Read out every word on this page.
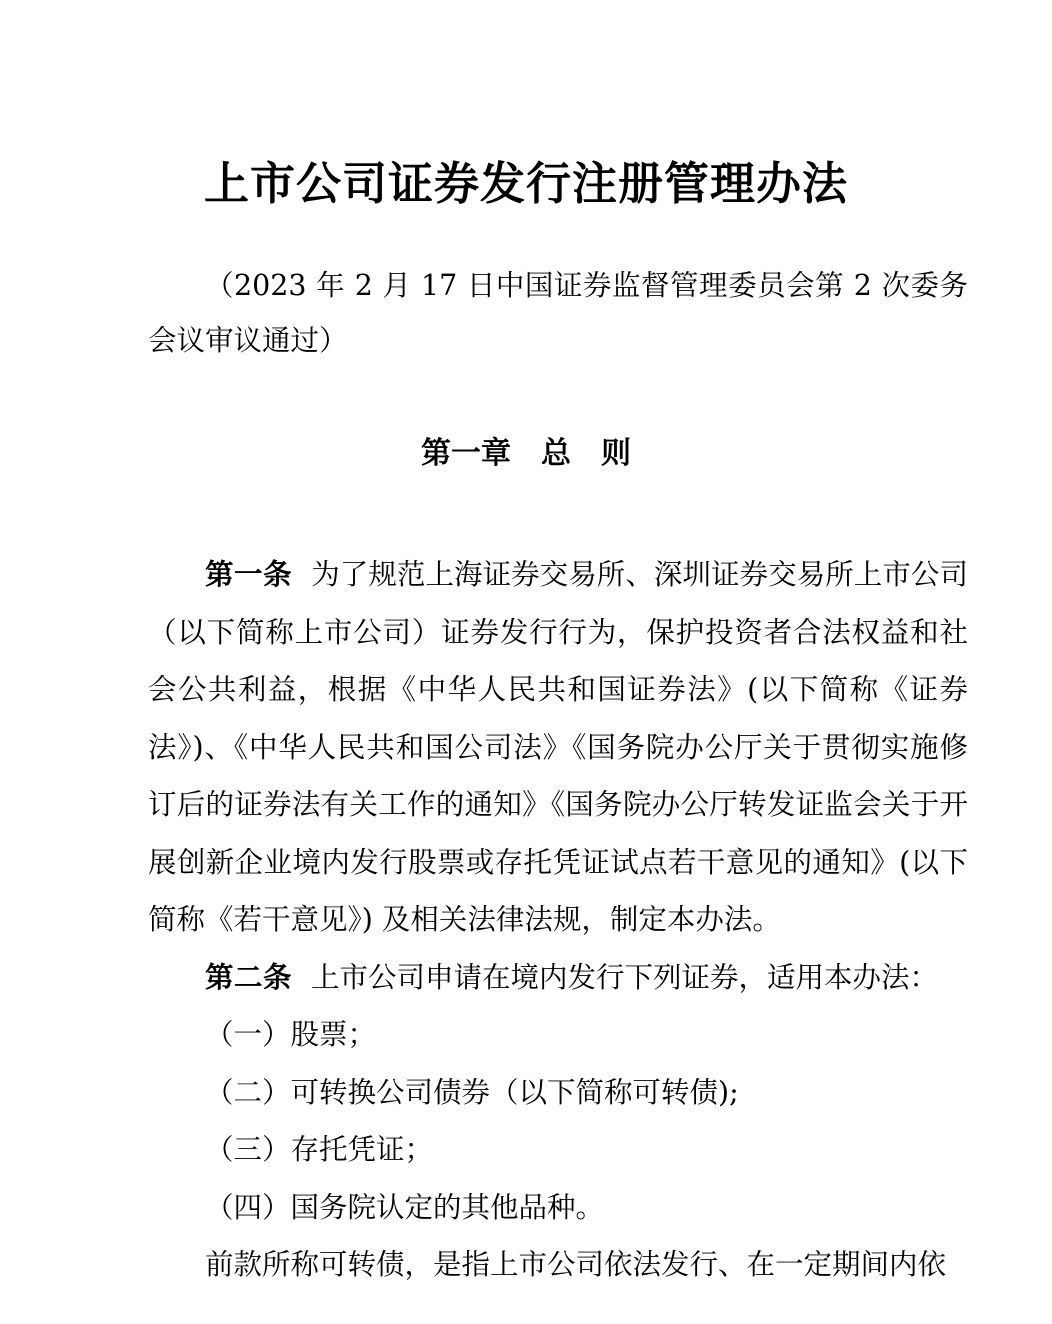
上市公司证券发行注册管理办法
（2023 年 2 月 17 日中国证券监督管理委员会第 2 次委务会议审议通过）
第一章　总　则

第一条 为了规范上海证券交易所、深圳证券交易所上市公司（以下简称上市公司）证券发行行为，保护投资者合法权益和社会公共利益，根据《中华人民共和国证券法》(以下简称《证券法》)、《中华人民共和国公司法》《国务院办公厅关于贯彻实施修订后的证券法有关工作的通知》《国务院办公厅转发证监会关于开展创新企业境内发行股票或存托凭证试点若干意见的通知》(以下简称《若干意见》) 及相关法律法规，制定本办法。

第二条 上市公司申请在境内发行下列证券，适用本办法：

（一）股票；

（二）可转换公司债券（以下简称可转债);

（三）存托凭证；

（四）国务院认定的其他品种。

前款所称可转债，是指上市公司依法发行、在一定期间内依
